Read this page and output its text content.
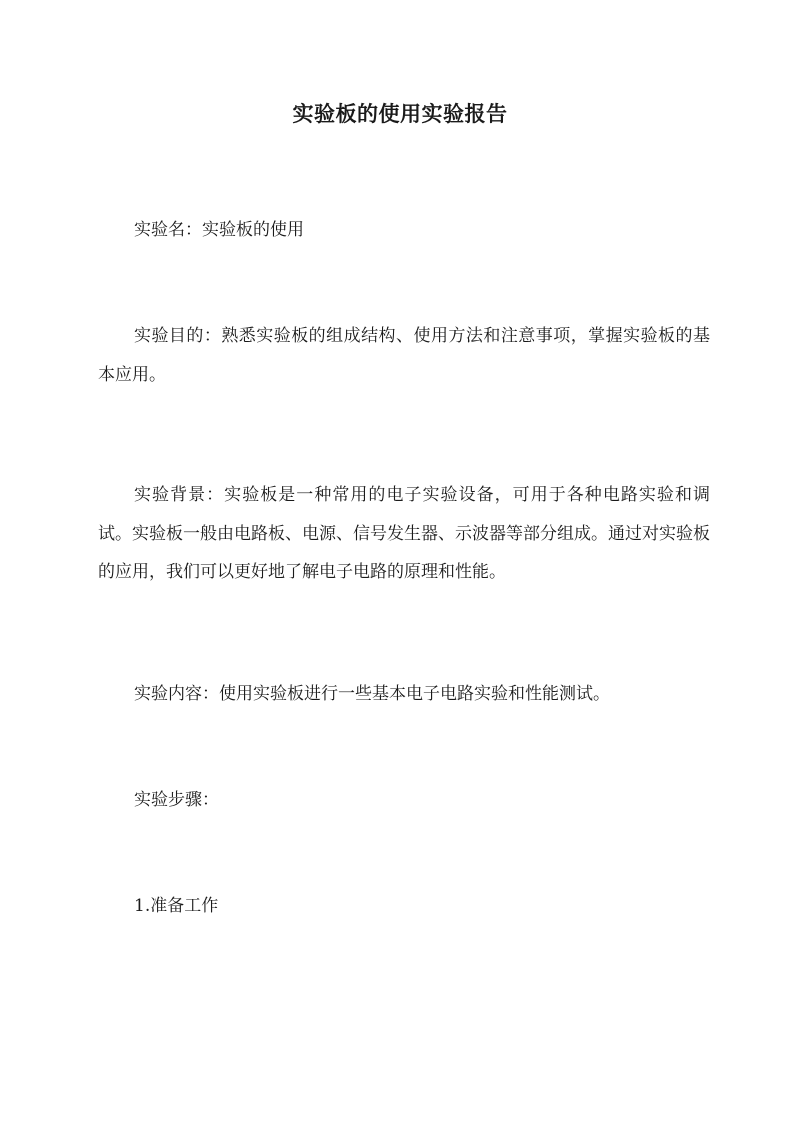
实验板的使用实验报告

实验名：实验板的使用

实验目的：熟悉实验板的组成结构、使用方法和注意事项，掌握实验板的基本应用。

实验背景：实验板是一种常用的电子实验设备，可用于各种电路实验和调试。实验板一般由电路板、电源、信号发生器、示波器等部分组成。通过对实验板的应用，我们可以更好地了解电子电路的原理和性能。

实验内容：使用实验板进行一些基本电子电路实验和性能测试。

实验步骤：

1.准备工作
